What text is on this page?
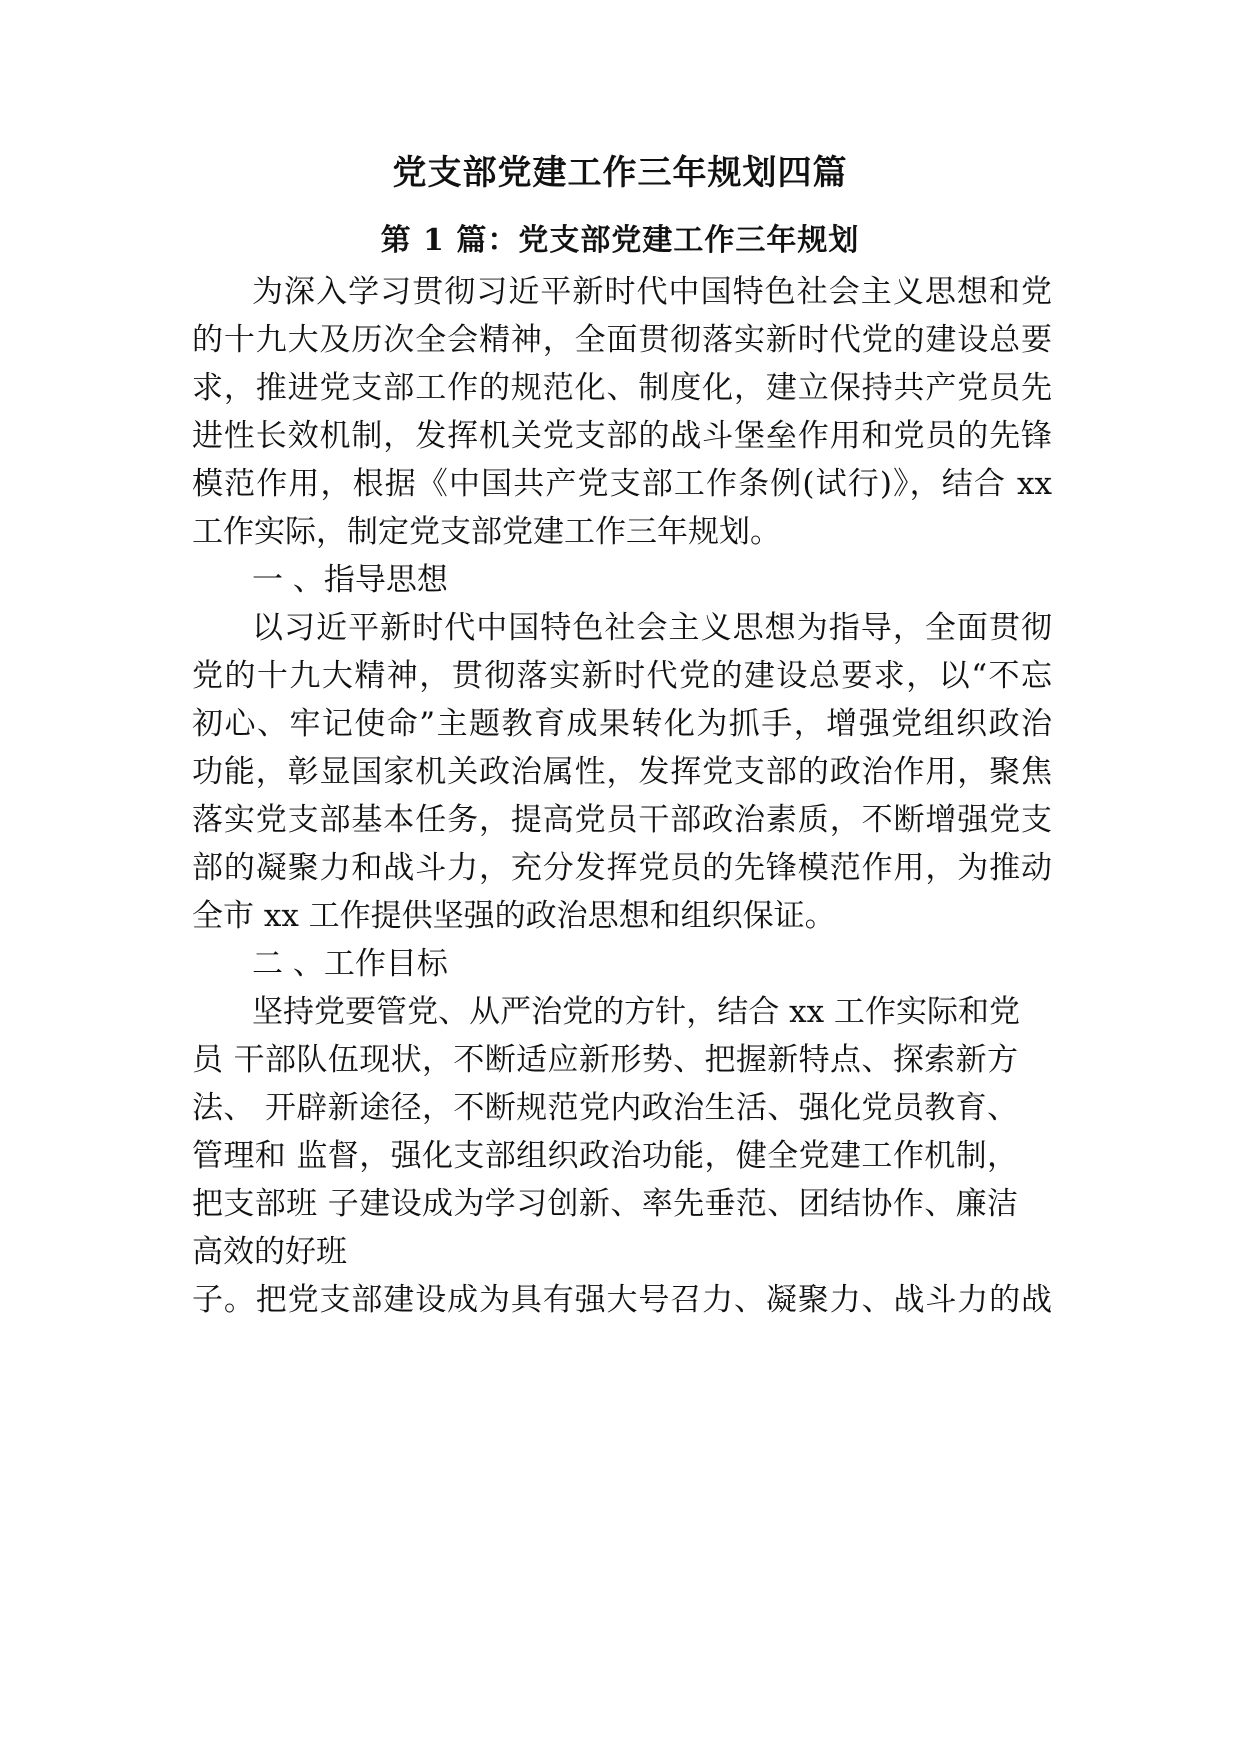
党支部党建工作三年规划四篇
第 1 篇：党支部党建工作三年规划

为深入学习贯彻习近平新时代中国特色社会主义思想和党

的十九大及历次全会精神，全面贯彻落实新时代党的建设总要

求，推进党支部工作的规范化、制度化，建立保持共产党员先

进性长效机制，发挥机关党支部的战斗堡垒作用和党员的先锋

模范作用，根据《中国共产党支部工作条例(试行)》，结合 xx

工作实际，制定党支部党建工作三年规划。

一 、指导思想

以习近平新时代中国特色社会主义思想为指导，全面贯彻

党的十九大精神，贯彻落实新时代党的建设总要求，以“不忘

初心、牢记使命”主题教育成果转化为抓手，增强党组织政治

功能，彰显国家机关政治属性，发挥党支部的政治作用，聚焦

落实党支部基本任务，提高党员干部政治素质，不断增强党支

部的凝聚力和战斗力，充分发挥党员的先锋模范作用，为推动

全市 xx 工作提供坚强的政治思想和组织保证。

二 、工作目标

坚持党要管党、从严治党的方针，结合 xx 工作实际和党

员 干部队伍现状，不断适应新形势、把握新特点、探索新方

法、 开辟新途径，不断规范党内政治生活、强化党员教育、

管理和 监督，强化支部组织政治功能，健全党建工作机制，

把支部班 子建设成为学习创新、率先垂范、团结协作、廉洁

高效的好班

子。把党支部建设成为具有强大号召力、凝聚力、战斗力的战
